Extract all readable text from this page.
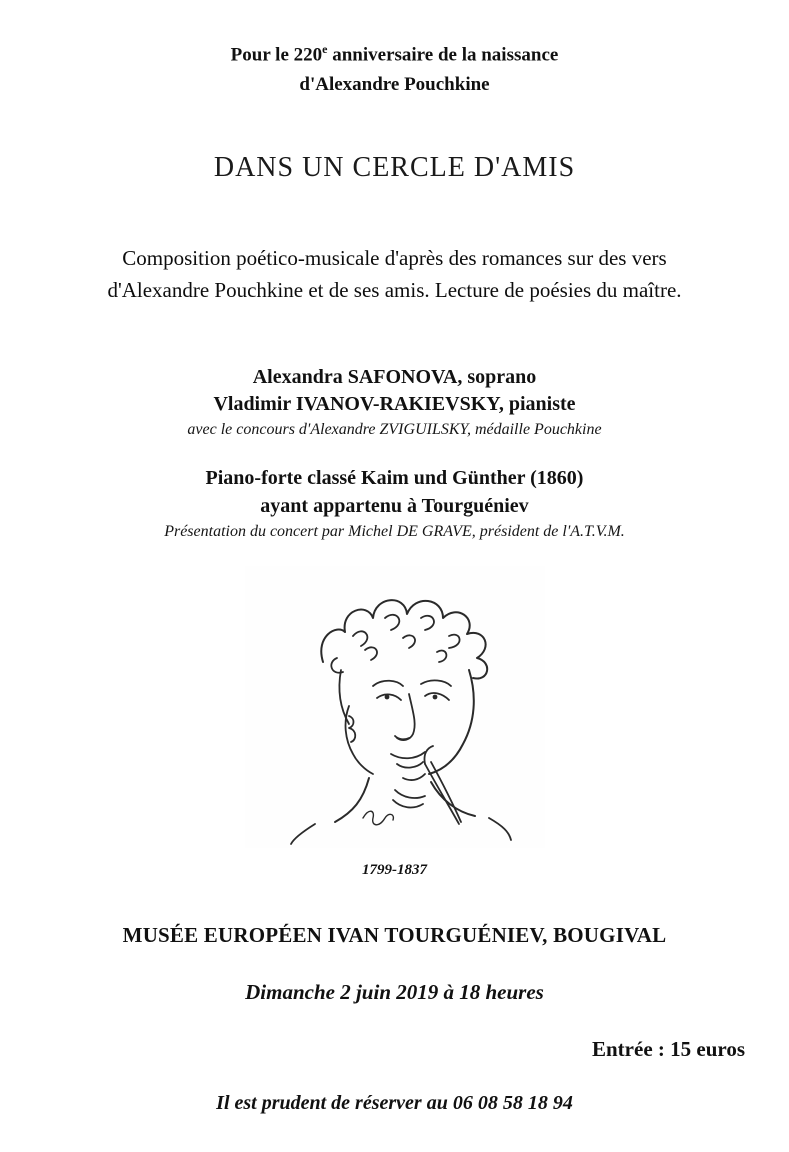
Pour le 220e anniversaire de la naissance
d'Alexandre Pouchkine
DANS UN CERCLE D'AMIS
Composition poético-musicale d'après des romances sur des vers
d'Alexandre Pouchkine et de ses amis. Lecture de poésies du maître.
Alexandra SAFONOVA, soprano
Vladimir IVANOV-RAKIEVSKY, pianiste
avec le concours d'Alexandre ZVIGUILSKY, médaille Pouchkine
Piano-forte classé Kaim und Günther (1860)
ayant appartenu à Tourguéniev
Présentation du concert par Michel DE GRAVE, président de l'A.T.V.M.
1799-1837
MUSÉE EUROPÉEN IVAN TOURGUÉNIEV, BOUGIVAL
Dimanche 2 juin 2019 à 18 heures
Entrée : 15 euros
Il est prudent de réserver au 06 08 58 18 94
